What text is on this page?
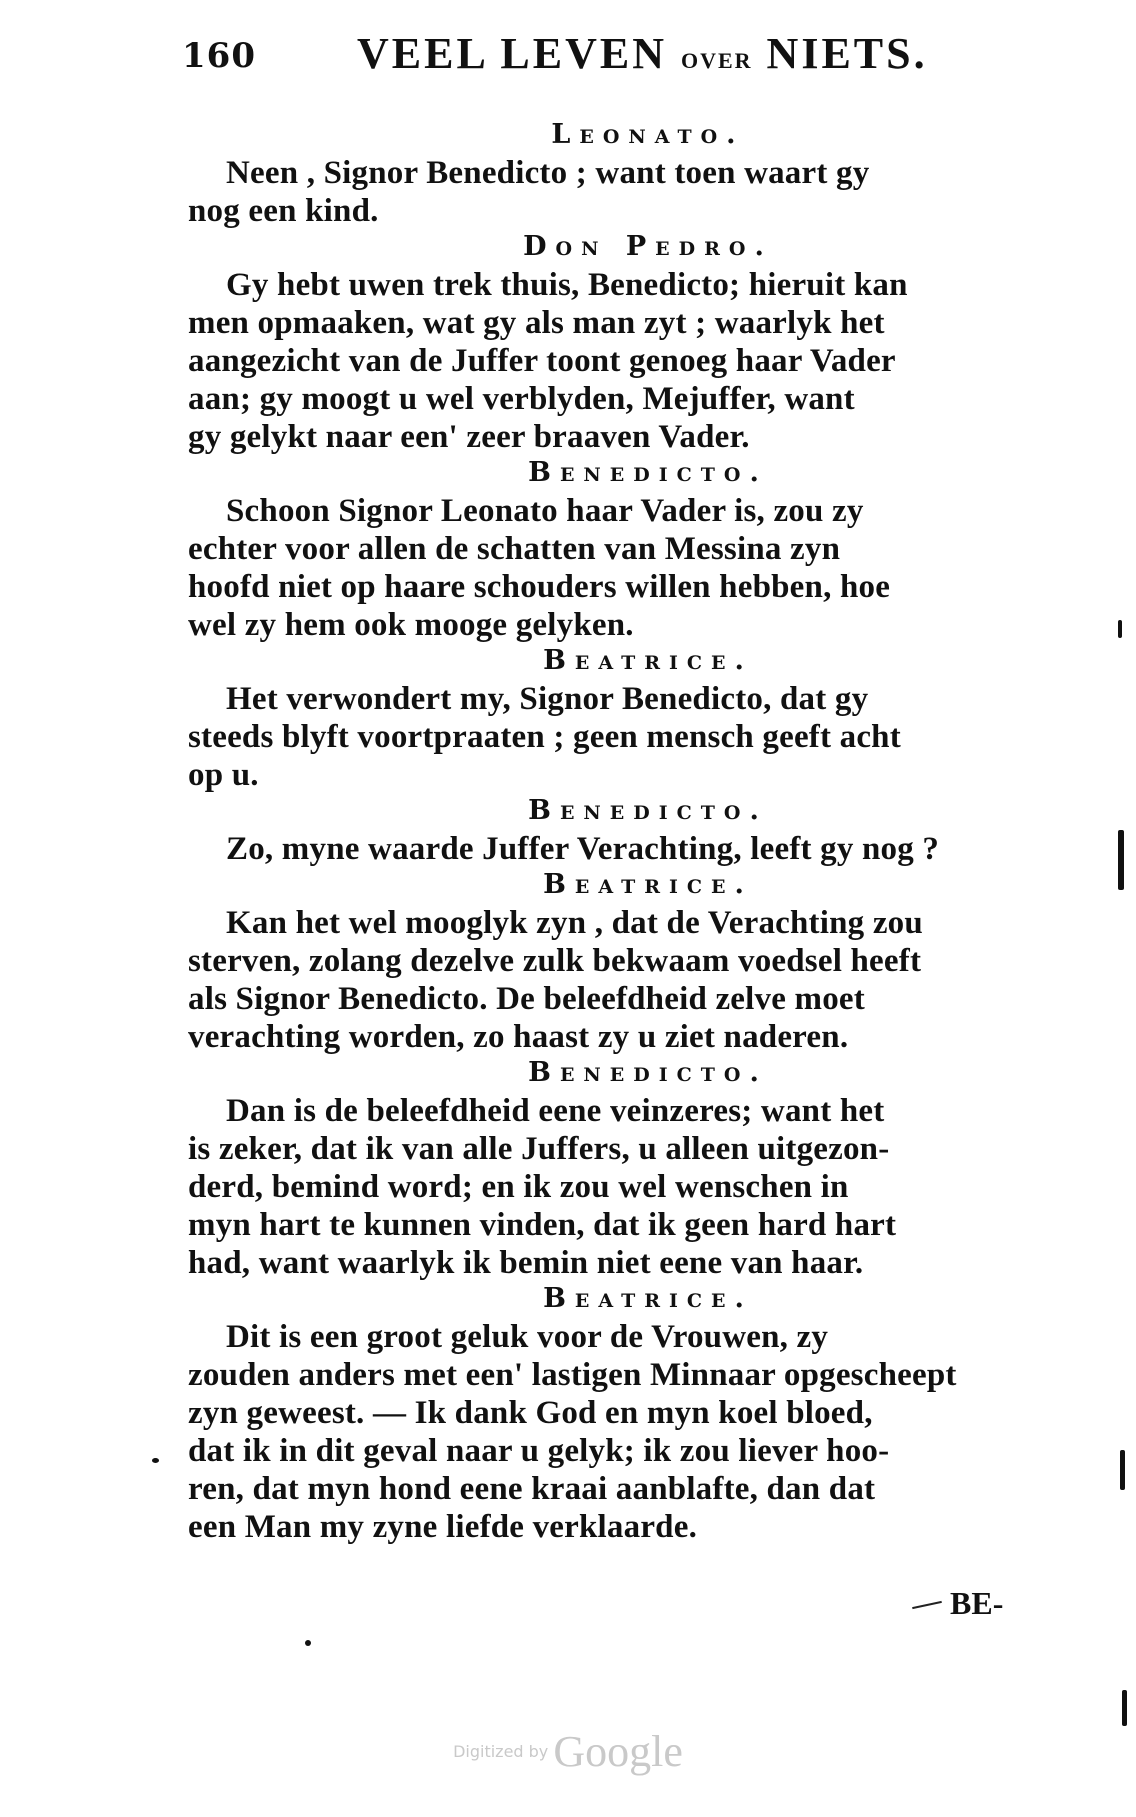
160 VEEL LEVEN OVER NIETS.
Leonato.
Neen , Signor Benedicto ; want toen waart gy
nog een kind.
Don Pedro.
Gy hebt uwen trek thuis, Benedicto; hieruit kan
men opmaaken, wat gy als man zyt ; waarlyk het
aangezicht van de Juffer toont genoeg haar Vader
aan; gy moogt u wel verblyden, Mejuffer, want
gy gelykt naar een' zeer braaven Vader.
Benedicto.
Schoon Signor Leonato haar Vader is, zou zy
echter voor allen de schatten van Messina zyn
hoofd niet op haare schouders willen hebben, hoe
wel zy hem ook mooge gelyken.
Beatrice.
Het verwondert my, Signor Benedicto, dat gy
steeds blyft voortpraaten ; geen mensch geeft acht
op u.
Benedicto.
Zo, myne waarde Juffer Verachting, leeft gy nog ?
Beatrice.
Kan het wel mooglyk zyn , dat de Verachting zou
sterven, zolang dezelve zulk bekwaam voedsel heeft
als Signor Benedicto. De beleefdheid zelve moet
verachting worden, zo haast zy u ziet naderen.
Benedicto.
Dan is de beleefdheid eene veinzeres; want het
is zeker, dat ik van alle Juffers, u alleen uitgezon-
derd, bemind word; en ik zou wel wenschen in
myn hart te kunnen vinden, dat ik geen hard hart
had, want waarlyk ik bemin niet eene van haar.
Beatrice.
Dit is een groot geluk voor de Vrouwen, zy
zouden anders met een' lastigen Minnaar opgescheept
zyn geweest. — Ik dank God en myn koel bloed,
dat ik in dit geval naar u gelyk; ik zou liever hoo-
ren, dat myn hond eene kraai aanblafte, dan dat
een Man my zyne liefde verklaarde.
BE-
Digitized by Google
